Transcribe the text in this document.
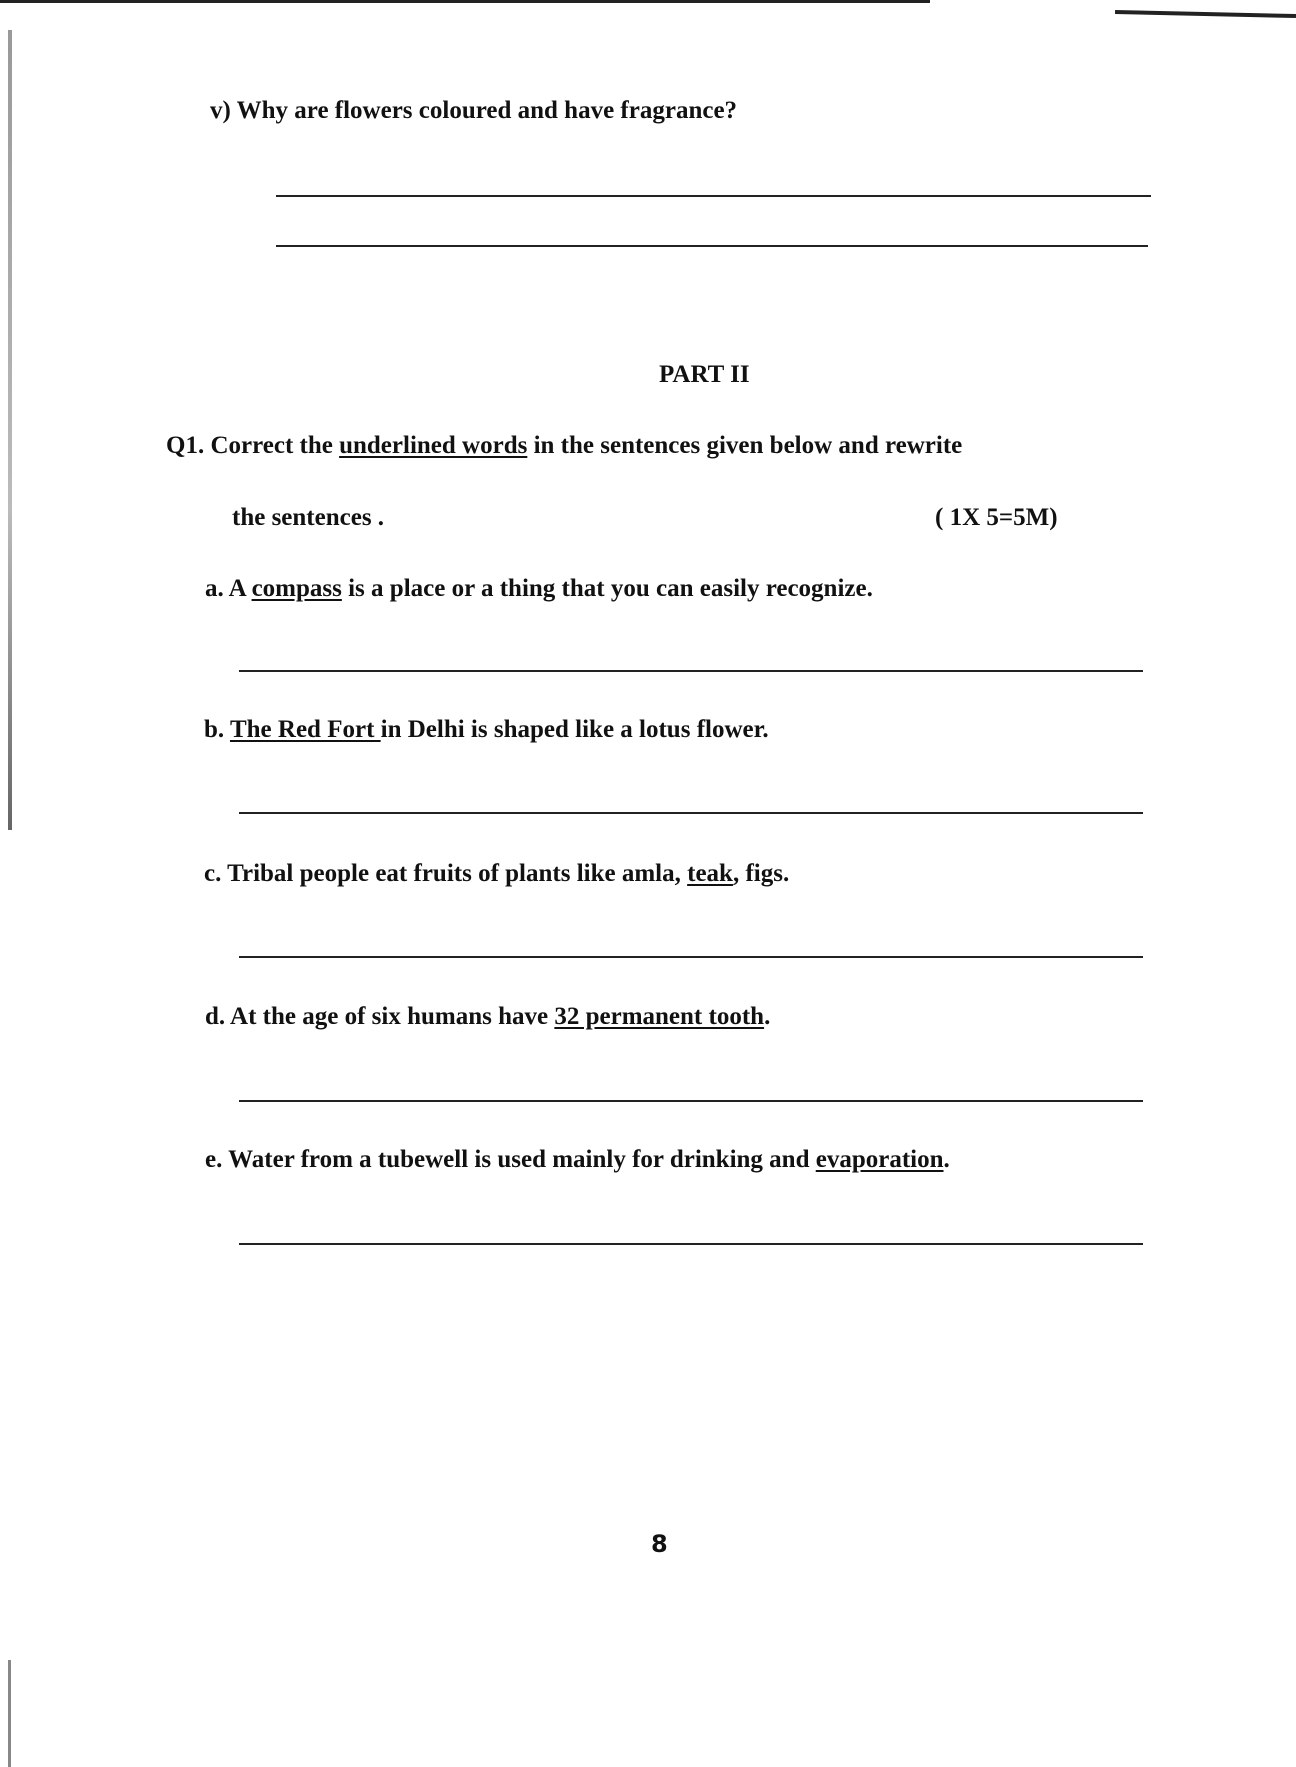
v) Why are flowers coloured and have fragrance?
PART II
Q1. Correct the underlined words in the sentences given below and rewrite
the sentences .	( 1X 5=5M)
a. A compass is a place or a thing that you can easily recognize.
b. The Red Fort in Delhi is shaped like a lotus flower.
c. Tribal people eat fruits of plants like amla, teak, figs.
d. At the age of six humans have 32 permanent tooth.
e. Water from a tubewell is used mainly for drinking and evaporation.
8
